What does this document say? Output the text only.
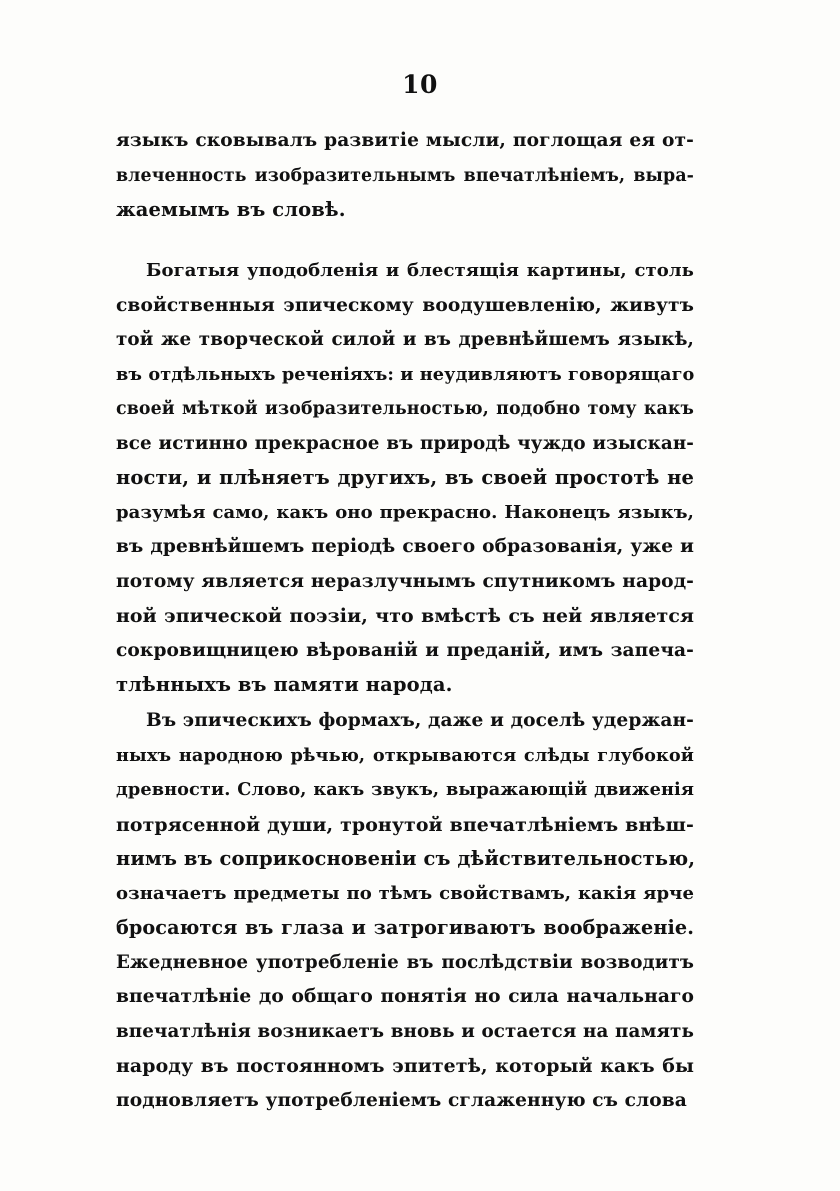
10
языкъ сковывалъ развитіе мысли, поглощая ея от-
влеченность изобразительнымъ впечатлѣніемъ, выра-
жаемымъ въ словѣ.
Богатыя уподобленія и блестящія картины, столь
свойственныя эпическому воодушевленію, живутъ
той же творческой силой и въ древнѣйшемъ языкѣ,
въ отдѣльныхъ реченіяхъ: и неудивляютъ говорящаго
своей мѣткой изобразительностью, подобно тому какъ
все истинно прекрасное въ природѣ чуждо изыскан-
ности, и плѣняетъ другихъ, въ своей простотѣ не
разумѣя само, какъ оно прекрасно. Наконецъ языкъ,
въ древнѣйшемъ періодѣ своего образованія, уже и
потому является неразлучнымъ спутникомъ народ-
ной эпической поэзіи, что вмѣстѣ съ ней является
сокровищницею вѣрованій и преданій, имъ запеча-
тлѣнныхъ въ памяти народа.
Въ эпическихъ формахъ, даже и доселѣ удержан-
ныхъ народною рѣчью, открываются слѣды глубокой
древности. Слово, какъ звукъ, выражающій движенія
потрясенной души, тронутой впечатлѣніемъ внѣш-
нимъ въ соприкосновеніи съ дѣйствительностью,
означаетъ предметы по тѣмъ свойствамъ, какія ярче
бросаются въ глаза и затрогиваютъ воображеніе.
Ежедневное употребленіе въ послѣдствіи возводитъ
впечатлѣніе до общаго понятія но сила начальнаго
впечатлѣнія возникаетъ вновь и остается на память
народу въ постоянномъ эпитетѣ, который какъ бы
подновляетъ употребленіемъ сглаженную съ слова
